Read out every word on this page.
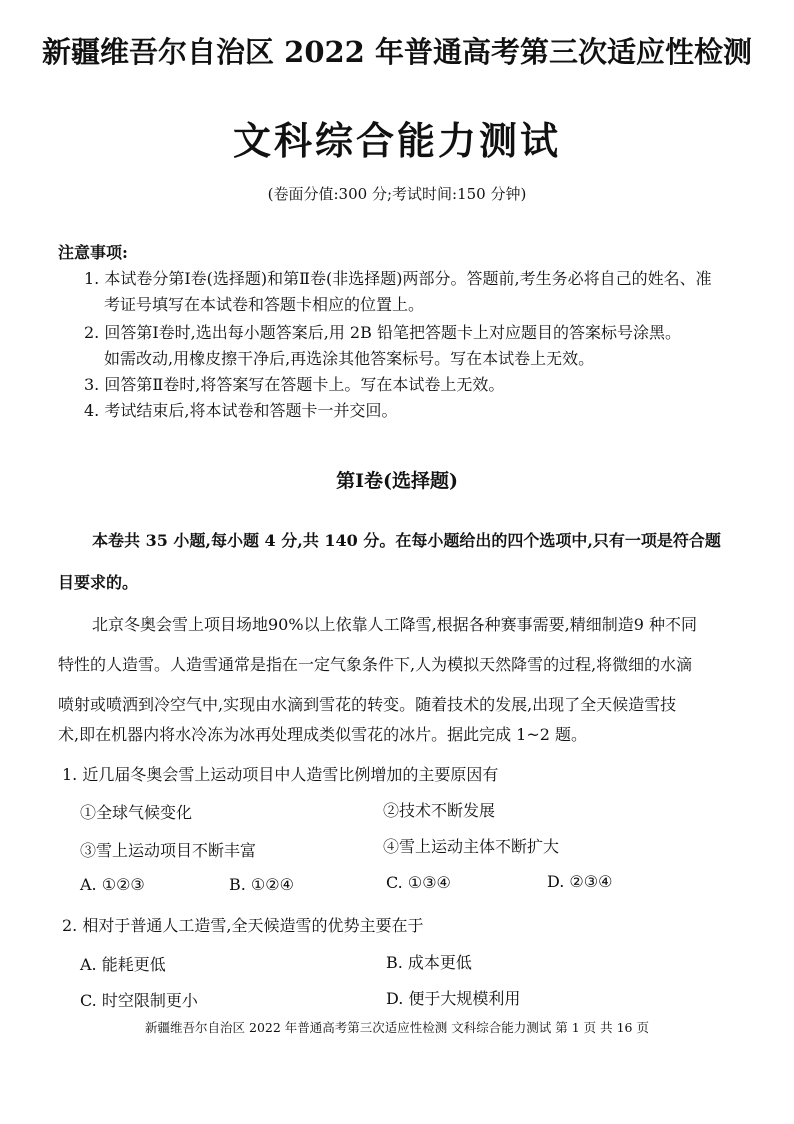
新疆维吾尔自治区 2022 年普通高考第三次适应性检测
文科综合能力测试
(卷面分值:300 分;考试时间:150 分钟)
注意事项:
1. 本试卷分第Ⅰ卷(选择题)和第Ⅱ卷(非选择题)两部分。答题前,考生务必将自己的姓名、准
考证号填写在本试卷和答题卡相应的位置上。
2. 回答第Ⅰ卷时,选出每小题答案后,用 2B 铅笔把答题卡上对应题目的答案标号涂黑。
如需改动,用橡皮擦干净后,再选涂其他答案标号。写在本试卷上无效。
3. 回答第Ⅱ卷时,将答案写在答题卡上。写在本试卷上无效。
4. 考试结束后,将本试卷和答题卡一并交回。
第Ⅰ卷(选择题)
本卷共 35 小题,每小题 4 分,共 140 分。在每小题给出的四个选项中,只有一项是符合题
目要求的。
北京冬奥会雪上项目场地90%以上依靠人工降雪,根据各种赛事需要,精细制造9 种不同
特性的人造雪。人造雪通常是指在一定气象条件下,人为模拟天然降雪的过程,将微细的水滴
喷射或喷洒到冷空气中,实现由水滴到雪花的转变。随着技术的发展,出现了全天候造雪技
术,即在机器内将水冷冻为冰再处理成类似雪花的冰片。据此完成 1~2 题。
1. 近几届冬奥会雪上运动项目中人造雪比例增加的主要原因有
①全球气候变化	②技术不断发展
③雪上运动项目不断丰富	④雪上运动主体不断扩大
A. ①②③	B. ①②④	C. ①③④	D. ②③④
2. 相对于普通人工造雪,全天候造雪的优势主要在于
A. 能耗更低	B. 成本更低
C. 时空限制更小	D. 便于大规模利用
新疆维吾尔自治区 2022 年普通高考第三次适应性检测 文科综合能力测试 第 1 页 共 16 页
